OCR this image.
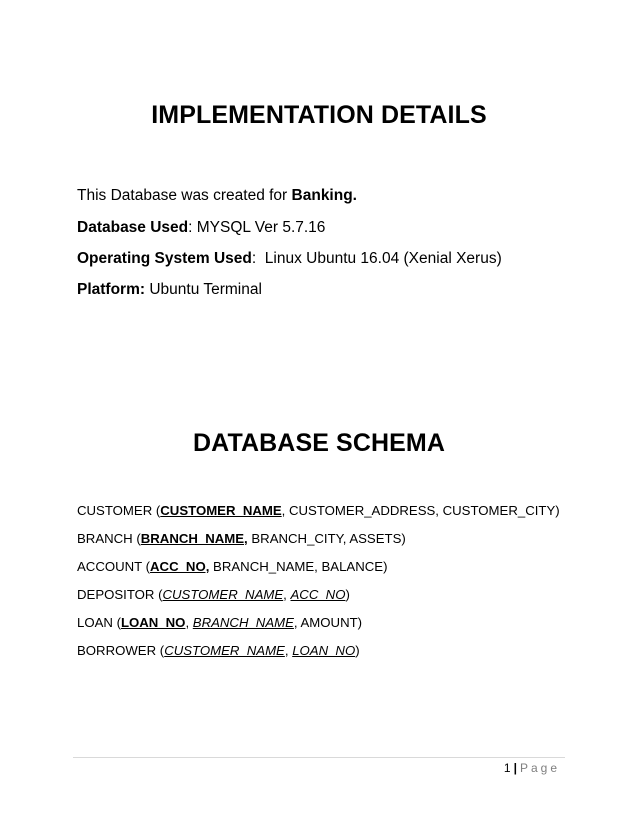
IMPLEMENTATION DETAILS
This Database was created for Banking.
Database Used: MYSQL Ver 5.7.16
Operating System Used:  Linux Ubuntu 16.04 (Xenial Xerus)
Platform: Ubuntu Terminal
DATABASE SCHEMA
CUSTOMER (CUSTOMER_NAME, CUSTOMER_ADDRESS, CUSTOMER_CITY)
BRANCH (BRANCH_NAME, BRANCH_CITY, ASSETS)
ACCOUNT (ACC_NO, BRANCH_NAME, BALANCE)
DEPOSITOR (CUSTOMER_NAME, ACC_NO)
LOAN (LOAN_NO, BRANCH_NAME, AMOUNT)
BORROWER (CUSTOMER_NAME, LOAN_NO)
1 | Page
